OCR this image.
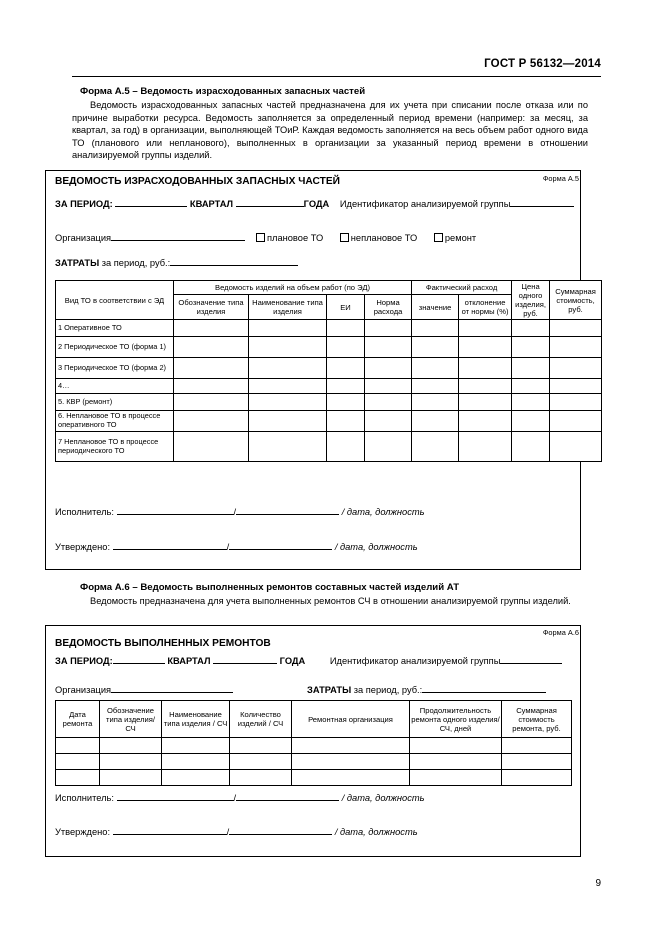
ГОСТ Р 56132—2014
Форма А.5 – Ведомость израсходованных запасных частей
Ведомость израсходованных запасных частей предназначена для их учета при списании после отказа или по причине выработки ресурса. Ведомость заполняется за определенный период времени (например: за месяц, за квартал, за год) в организации, выполняющей ТОиР. Каждая ведомость заполняется на весь объем работ одного вида ТО (планового или непланового), выполненных в организации за указанный период времени в отношении анализируемой группы изделий.
Форма А.5
ВЕДОМОСТЬ ИЗРАСХОДОВАННЫХ ЗАПАСНЫХ ЧАСТЕЙ
ЗА ПЕРИОД:	КВАРТАЛ	ГОДА Идентификатор анализируемой группы
Организация	плановое ТО	неплановое ТО	ремонт
ЗАТРАТЫ за период, руб.:
Вид ТО в соответствии с ЭД	Ведомость изделий на объем работ (по ЭД)				Фактический расход		Цена одного изделия, руб.	Суммарная стоимость, руб.
	Обозначение типа изделия	Наименование типа изделия	ЕИ	Норма расхода	значение	отклонение от нормы (%)		
1 Оперативное ТО								
2 Периодическое ТО (форма 1)								
3 Периодическое ТО (форма 2)								
4…								
5. КВР (ремонт)								
6. Неплановое ТО в процессе оперативного ТО								
7 Неплановое ТО в процессе периодического ТО								
Исполнитель:	/	/ дата, должность
Утверждено:	/	/ дата, должность
Форма А.6 – Ведомость выполненных ремонтов составных частей изделий АТ
Ведомость предназначена для учета выполненных ремонтов СЧ в отношении анализируемой группы изделий.
Форма А.6
ВЕДОМОСТЬ ВЫПОЛНЕННЫХ РЕМОНТОВ
ЗА ПЕРИОД:	КВАРТАЛ	ГОДА	Идентификатор анализируемой группы
Организация	ЗАТРАТЫ за период, руб.:
Дата ремонта	Обозначение типа изделия/ СЧ	Наименование типа изделия / СЧ	Количество изделий / СЧ	Ремонтная организация	Продолжительность ремонта одного изделия/СЧ, дней	Суммарная стоимость ремонта, руб.

Исполнитель:	/	/ дата, должность
Утверждено:	/	/ дата, должность
9
